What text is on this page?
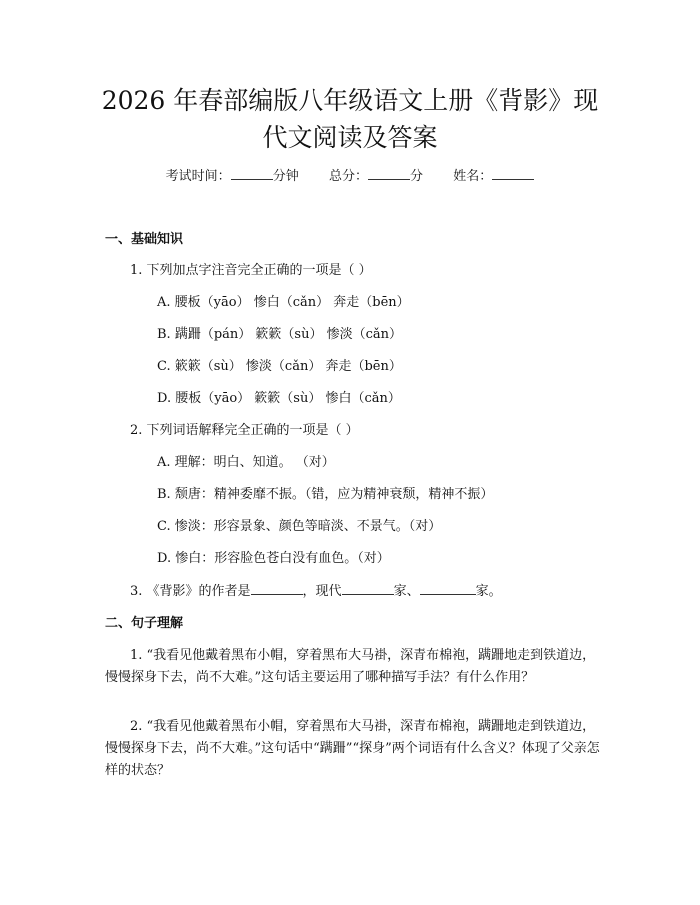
2026 年春部编版八年级语文上册《背影》现
代文阅读及答案
考试时间：	分钟 总分：	分 姓名：
一、基础知识
1. 下列加点字注音完全正确的一项是（ ）
A. 腰板（yāo） 惨白（cǎn） 奔走（bēn）
B. 蹒跚（pán） 簌簌（sù） 惨淡（cǎn）
C. 簌簌（sù） 惨淡（cǎn） 奔走（bēn）
D. 腰板（yāo） 簌簌（sù） 惨白（cǎn）
2. 下列词语解释完全正确的一项是（ ）
A. 理解：明白、知道。 （对）
B. 颓唐：精神委靡不振。（错，应为精神衰颓，精神不振）
C. 惨淡：形容景象、颜色等暗淡、不景气。（对）
D. 惨白：形容脸色苍白没有血色。（对）
3. 《背影》的作者是	，现代	家、	家。
二、句子理解
1. “我看见他戴着黑布小帽，穿着黑布大马褂，深青布棉袍，蹒跚地走到铁道边，慢慢探身下去，尚不大难。”这句话主要运用了哪种描写手法？有什么作用？
2. “我看见他戴着黑布小帽，穿着黑布大马褂，深青布棉袍，蹒跚地走到铁道边，慢慢探身下去，尚不大难。”这句话中“蹒跚”“探身”两个词语有什么含义？体现了父亲怎样的状态？
